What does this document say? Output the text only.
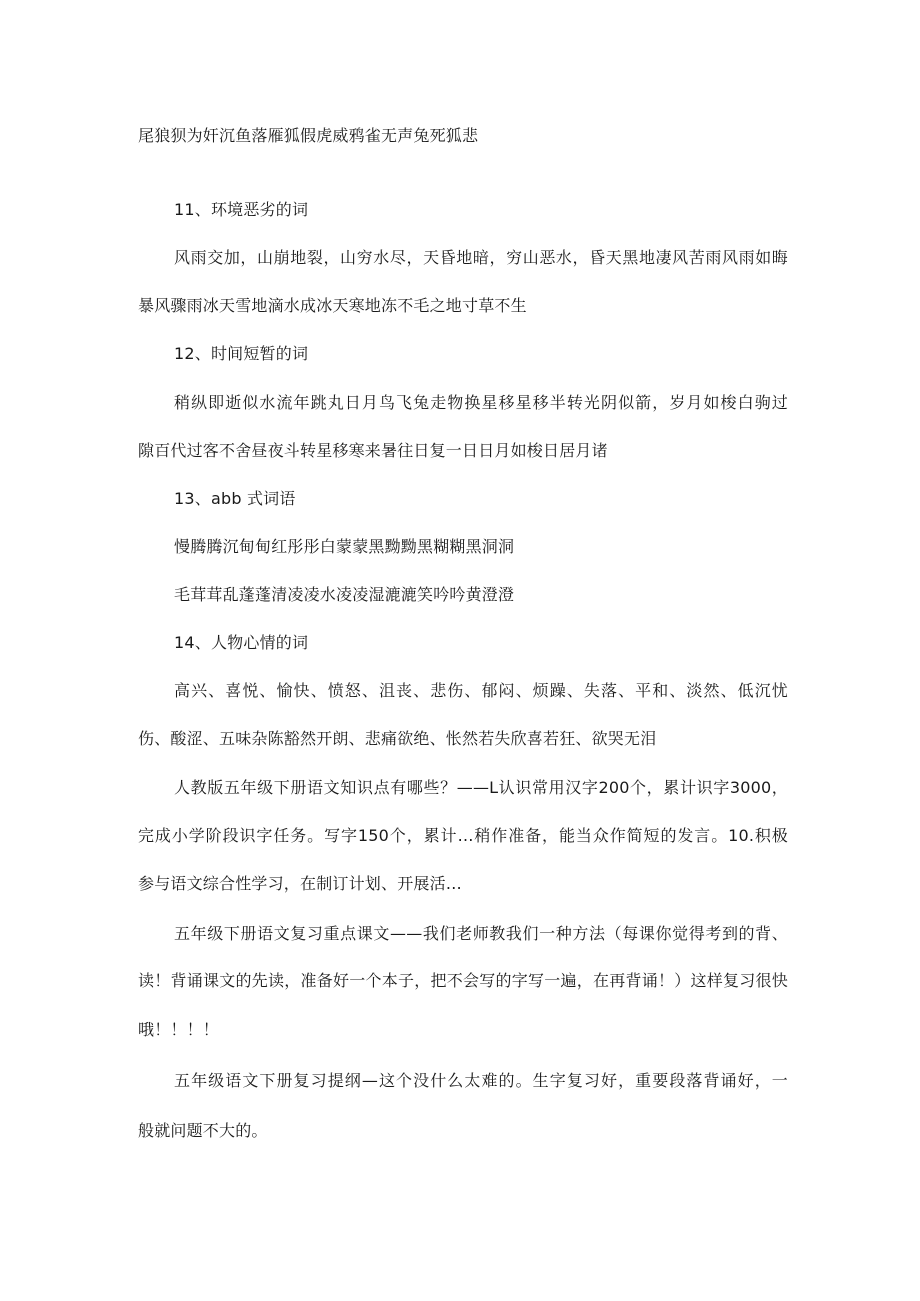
尾狼狈为奸沉鱼落雁狐假虎威鸦雀无声兔死狐悲
11、环境恶劣的词
风雨交加，山崩地裂，山穷水尽，天昏地暗，穷山恶水，昏天黑地凄风苦雨风雨如晦
暴风骤雨冰天雪地滴水成冰天寒地冻不毛之地寸草不生
12、时间短暂的词
稍纵即逝似水流年跳丸日月鸟飞兔走物换星移星移半转光阴似箭，岁月如梭白驹过
隙百代过客不舍昼夜斗转星移寒来暑往日复一日日月如梭日居月诸
13、abb 式词语
慢腾腾沉甸甸红彤彤白蒙蒙黑黝黝黑糊糊黑洞洞
毛茸茸乱蓬蓬清凌凌水凌凌湿漉漉笑吟吟黄澄澄
14、人物心情的词
高兴、喜悦、愉快、愤怒、沮丧、悲伤、郁闷、烦躁、失落、平和、淡然、低沉忧
伤、酸涩、五味杂陈豁然开朗、悲痛欲绝、怅然若失欣喜若狂、欲哭无泪
人教版五年级下册语文知识点有哪些？——L认识常用汉字200个，累计识字3000，
完成小学阶段识字任务。写字150个，累计…稍作准备，能当众作简短的发言。10.积极
参与语文综合性学习，在制订计划、开展活…
五年级下册语文复习重点课文——我们老师教我们一种方法（每课你觉得考到的背、
读！背诵课文的先读，准备好一个本子，把不会写的字写一遍，在再背诵！）这样复习很快
哦！！！！
五年级语文下册复习提纲—这个没什么太难的。生字复习好，重要段落背诵好，一
般就问题不大的。
